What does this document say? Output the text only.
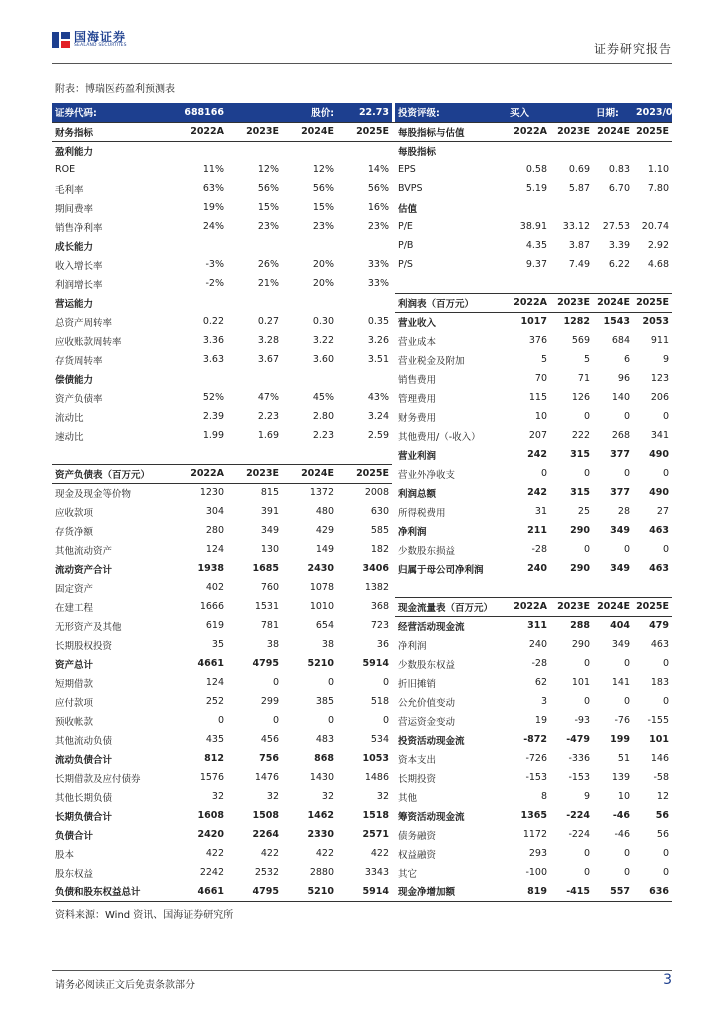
国海证券
SEALAND SECURITIES	证券研究报告
附表：博瑞医药盈利预测表
证券代码:	688166		股价:	22.73		投资评级:	买入		日期:	2023/04/25
财务指标	2022A	2023E	2024E	2025E		每股指标与估值	2022A	2023E	2024E	2025E
盈利能力						每股指标				
ROE	11%	12%	12%	14%		EPS	0.58	0.69	0.83	1.10
毛利率	63%	56%	56%	56%		BVPS	5.19	5.87	6.70	7.80
期间费率	19%	15%	15%	16%		估值				
销售净利率	24%	23%	23%	23%		P/E	38.91	33.12	27.53	20.74
成长能力						P/B	4.35	3.87	3.39	2.92
收入增长率	-3%	26%	20%	33%		P/S	9.37	7.49	6.22	4.68
利润增长率	-2%	21%	20%	33%						
营运能力						利润表（百万元）	2022A	2023E	2024E	2025E
总资产周转率	0.22	0.27	0.30	0.35		营业收入	1017	1282	1543	2053
应收账款周转率	3.36	3.28	3.22	3.26		营业成本	376	569	684	911
存货周转率	3.63	3.67	3.60	3.51		营业税金及附加	5	5	6	9
偿债能力						销售费用	70	71	96	123
资产负债率	52%	47%	45%	43%		管理费用	115	126	140	206
流动比	2.39	2.23	2.80	3.24		财务费用	10	0	0	0
速动比	1.99	1.69	2.23	2.59		其他费用/（-收入）	207	222	268	341
						营业利润	242	315	377	490
资产负债表（百万元）	2022A	2023E	2024E	2025E		营业外净收支	0	0	0	0
现金及现金等价物	1230	815	1372	2008		利润总额	242	315	377	490
应收款项	304	391	480	630		所得税费用	31	25	28	27
存货净额	280	349	429	585		净利润	211	290	349	463
其他流动资产	124	130	149	182		少数股东损益	-28	0	0	0
流动资产合计	1938	1685	2430	3406		归属于母公司净利润	240	290	349	463
固定资产	402	760	1078	1382						
在建工程	1666	1531	1010	368		现金流量表（百万元）	2022A	2023E	2024E	2025E
无形资产及其他	619	781	654	723		经营活动现金流	311	288	404	479
长期股权投资	35	38	38	36		净利润	240	290	349	463
资产总计	4661	4795	5210	5914		少数股东权益	-28	0	0	0
短期借款	124	0	0	0		折旧摊销	62	101	141	183
应付款项	252	299	385	518		公允价值变动	3	0	0	0
预收帐款	0	0	0	0		营运资金变动	19	-93	-76	-155
其他流动负债	435	456	483	534		投资活动现金流	-872	-479	199	101
流动负债合计	812	756	868	1053		资本支出	-726	-336	51	146
长期借款及应付债券	1576	1476	1430	1486		长期投资	-153	-153	139	-58
其他长期负债	32	32	32	32		其他	8	9	10	12
长期负债合计	1608	1508	1462	1518		筹资活动现金流	1365	-224	-46	56
负债合计	2420	2264	2330	2571		债务融资	1172	-224	-46	56
股本	422	422	422	422		权益融资	293	0	0	0
股东权益	2242	2532	2880	3343		其它	-100	0	0	0
负债和股东权益总计	4661	4795	5210	5914		现金净增加额	819	-415	557	636
资料来源：Wind 资讯、国海证券研究所
请务必阅读正文后免责条款部分	3
